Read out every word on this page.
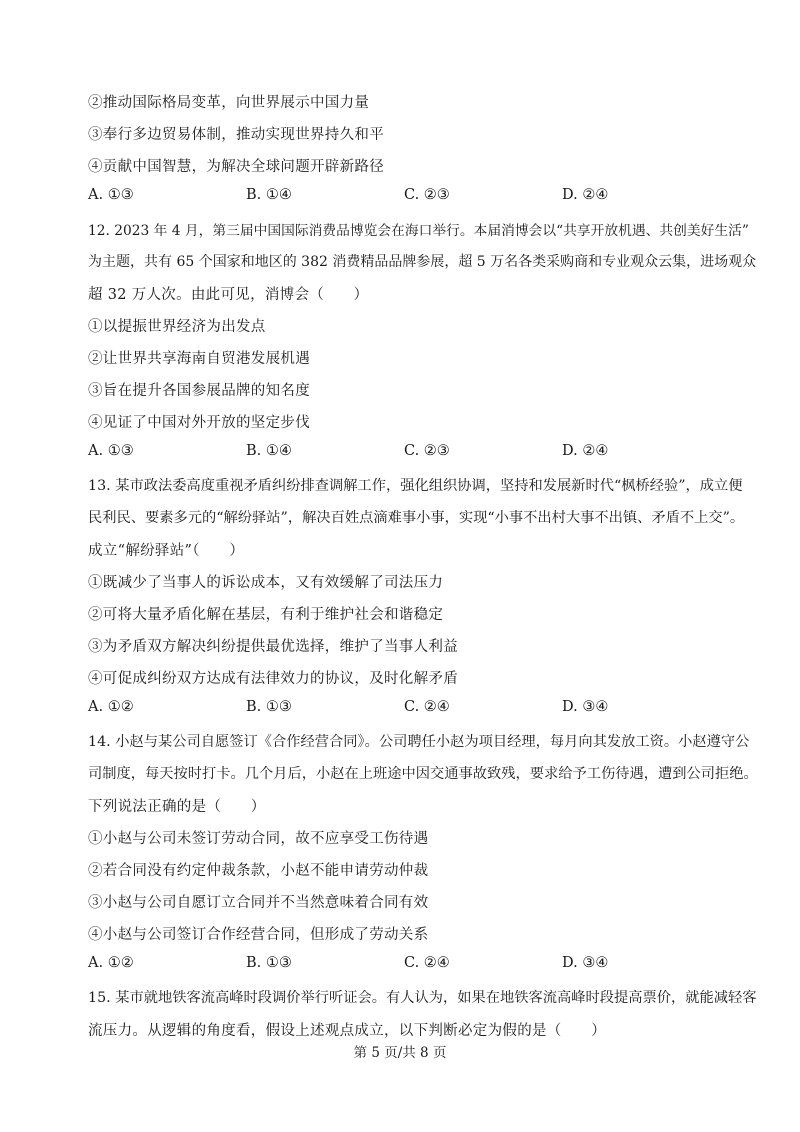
②推动国际格局变革，向世界展示中国力量
③奉行多边贸易体制，推动实现世界持久和平
④贡献中国智慧，为解决全球问题开辟新路径
A. ①③	B. ①④	C. ②③	D. ②④
12. 2023 年 4 月，第三届中国国际消费品博览会在海口举行。本届消博会以“共享开放机遇、共创美好生活”
为主题，共有 65 个国家和地区的 382 消费精品品牌参展，超 5 万名各类采购商和专业观众云集，进场观众
超 32 万人次。由此可见，消博会（　　）
①以提振世界经济为出发点
②让世界共享海南自贸港发展机遇
③旨在提升各国参展品牌的知名度
④见证了中国对外开放的坚定步伐
A. ①③	B. ①④	C. ②③	D. ②④
13. 某市政法委高度重视矛盾纠纷排查调解工作，强化组织协调，坚持和发展新时代“枫桥经验”，成立便
民利民、要素多元的“解纷驿站”，解决百姓点滴难事小事，实现“小事不出村大事不出镇、矛盾不上交”。
成立“解纷驿站”（　　）
①既减少了当事人的诉讼成本，又有效缓解了司法压力
②可将大量矛盾化解在基层，有利于维护社会和谐稳定
③为矛盾双方解决纠纷提供最优选择，维护了当事人利益
④可促成纠纷双方达成有法律效力的协议，及时化解矛盾
A. ①②	B. ①③	C. ②④	D. ③④
14. 小赵与某公司自愿签订《合作经营合同》。公司聘任小赵为项目经理，每月向其发放工资。小赵遵守公
司制度，每天按时打卡。几个月后，小赵在上班途中因交通事故致残，要求给予工伤待遇，遭到公司拒绝。
下列说法正确的是（　　）
①小赵与公司未签订劳动合同，故不应享受工伤待遇
②若合同没有约定仲裁条款，小赵不能申请劳动仲裁
③小赵与公司自愿订立合同并不当然意味着合同有效
④小赵与公司签订合作经营合同，但形成了劳动关系
A. ①②	B. ①③	C. ②④	D. ③④
15. 某市就地铁客流高峰时段调价举行听证会。有人认为，如果在地铁客流高峰时段提高票价，就能减轻客
流压力。从逻辑的角度看，假设上述观点成立，以下判断必定为假的是（　　）
第 5 页/共 8 页
